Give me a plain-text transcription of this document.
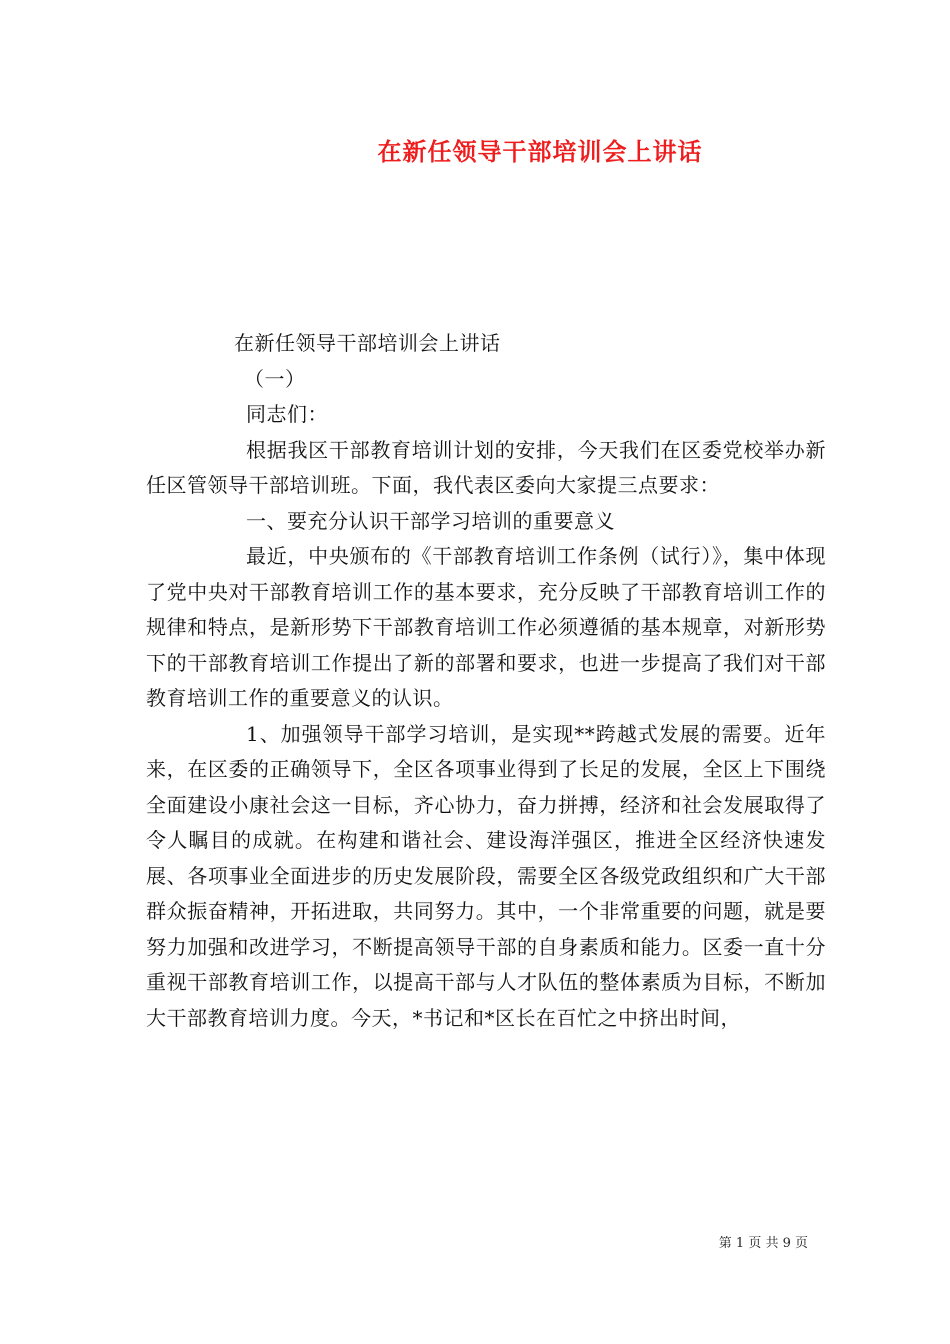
在新任领导干部培训会上讲话

在新任领导干部培训会上讲话

（一）

同志们：

根据我区干部教育培训计划的安排，今天我们在区委党校举办新任区管领导干部培训班。下面，我代表区委向大家提三点要求：

一、要充分认识干部学习培训的重要意义

最近，中央颁布的《干部教育培训工作条例（试行）》，集中体现了党中央对干部教育培训工作的基本要求，充分反映了干部教育培训工作的规律和特点，是新形势下干部教育培训工作必须遵循的基本规章，对新形势下的干部教育培训工作提出了新的部署和要求，也进一步提高了我们对干部教育培训工作的重要意义的认识。

1、加强领导干部学习培训，是实现**跨越式发展的需要。近年来，在区委的正确领导下，全区各项事业得到了长足的发展，全区上下围绕全面建设小康社会这一目标，齐心协力，奋力拼搏，经济和社会发展取得了令人瞩目的成就。在构建和谐社会、建设海洋强区，推进全区经济快速发展、各项事业全面进步的历史发展阶段，需要全区各级党政组织和广大干部群众振奋精神，开拓进取，共同努力。其中，一个非常重要的问题，就是要努力加强和改进学习，不断提高领导干部的自身素质和能力。区委一直十分重视干部教育培训工作，以提高干部与人才队伍的整体素质为目标，不断加大干部教育培训力度。今天，*书记和*区长在百忙之中挤出时间，

第 1 页 共 9 页
